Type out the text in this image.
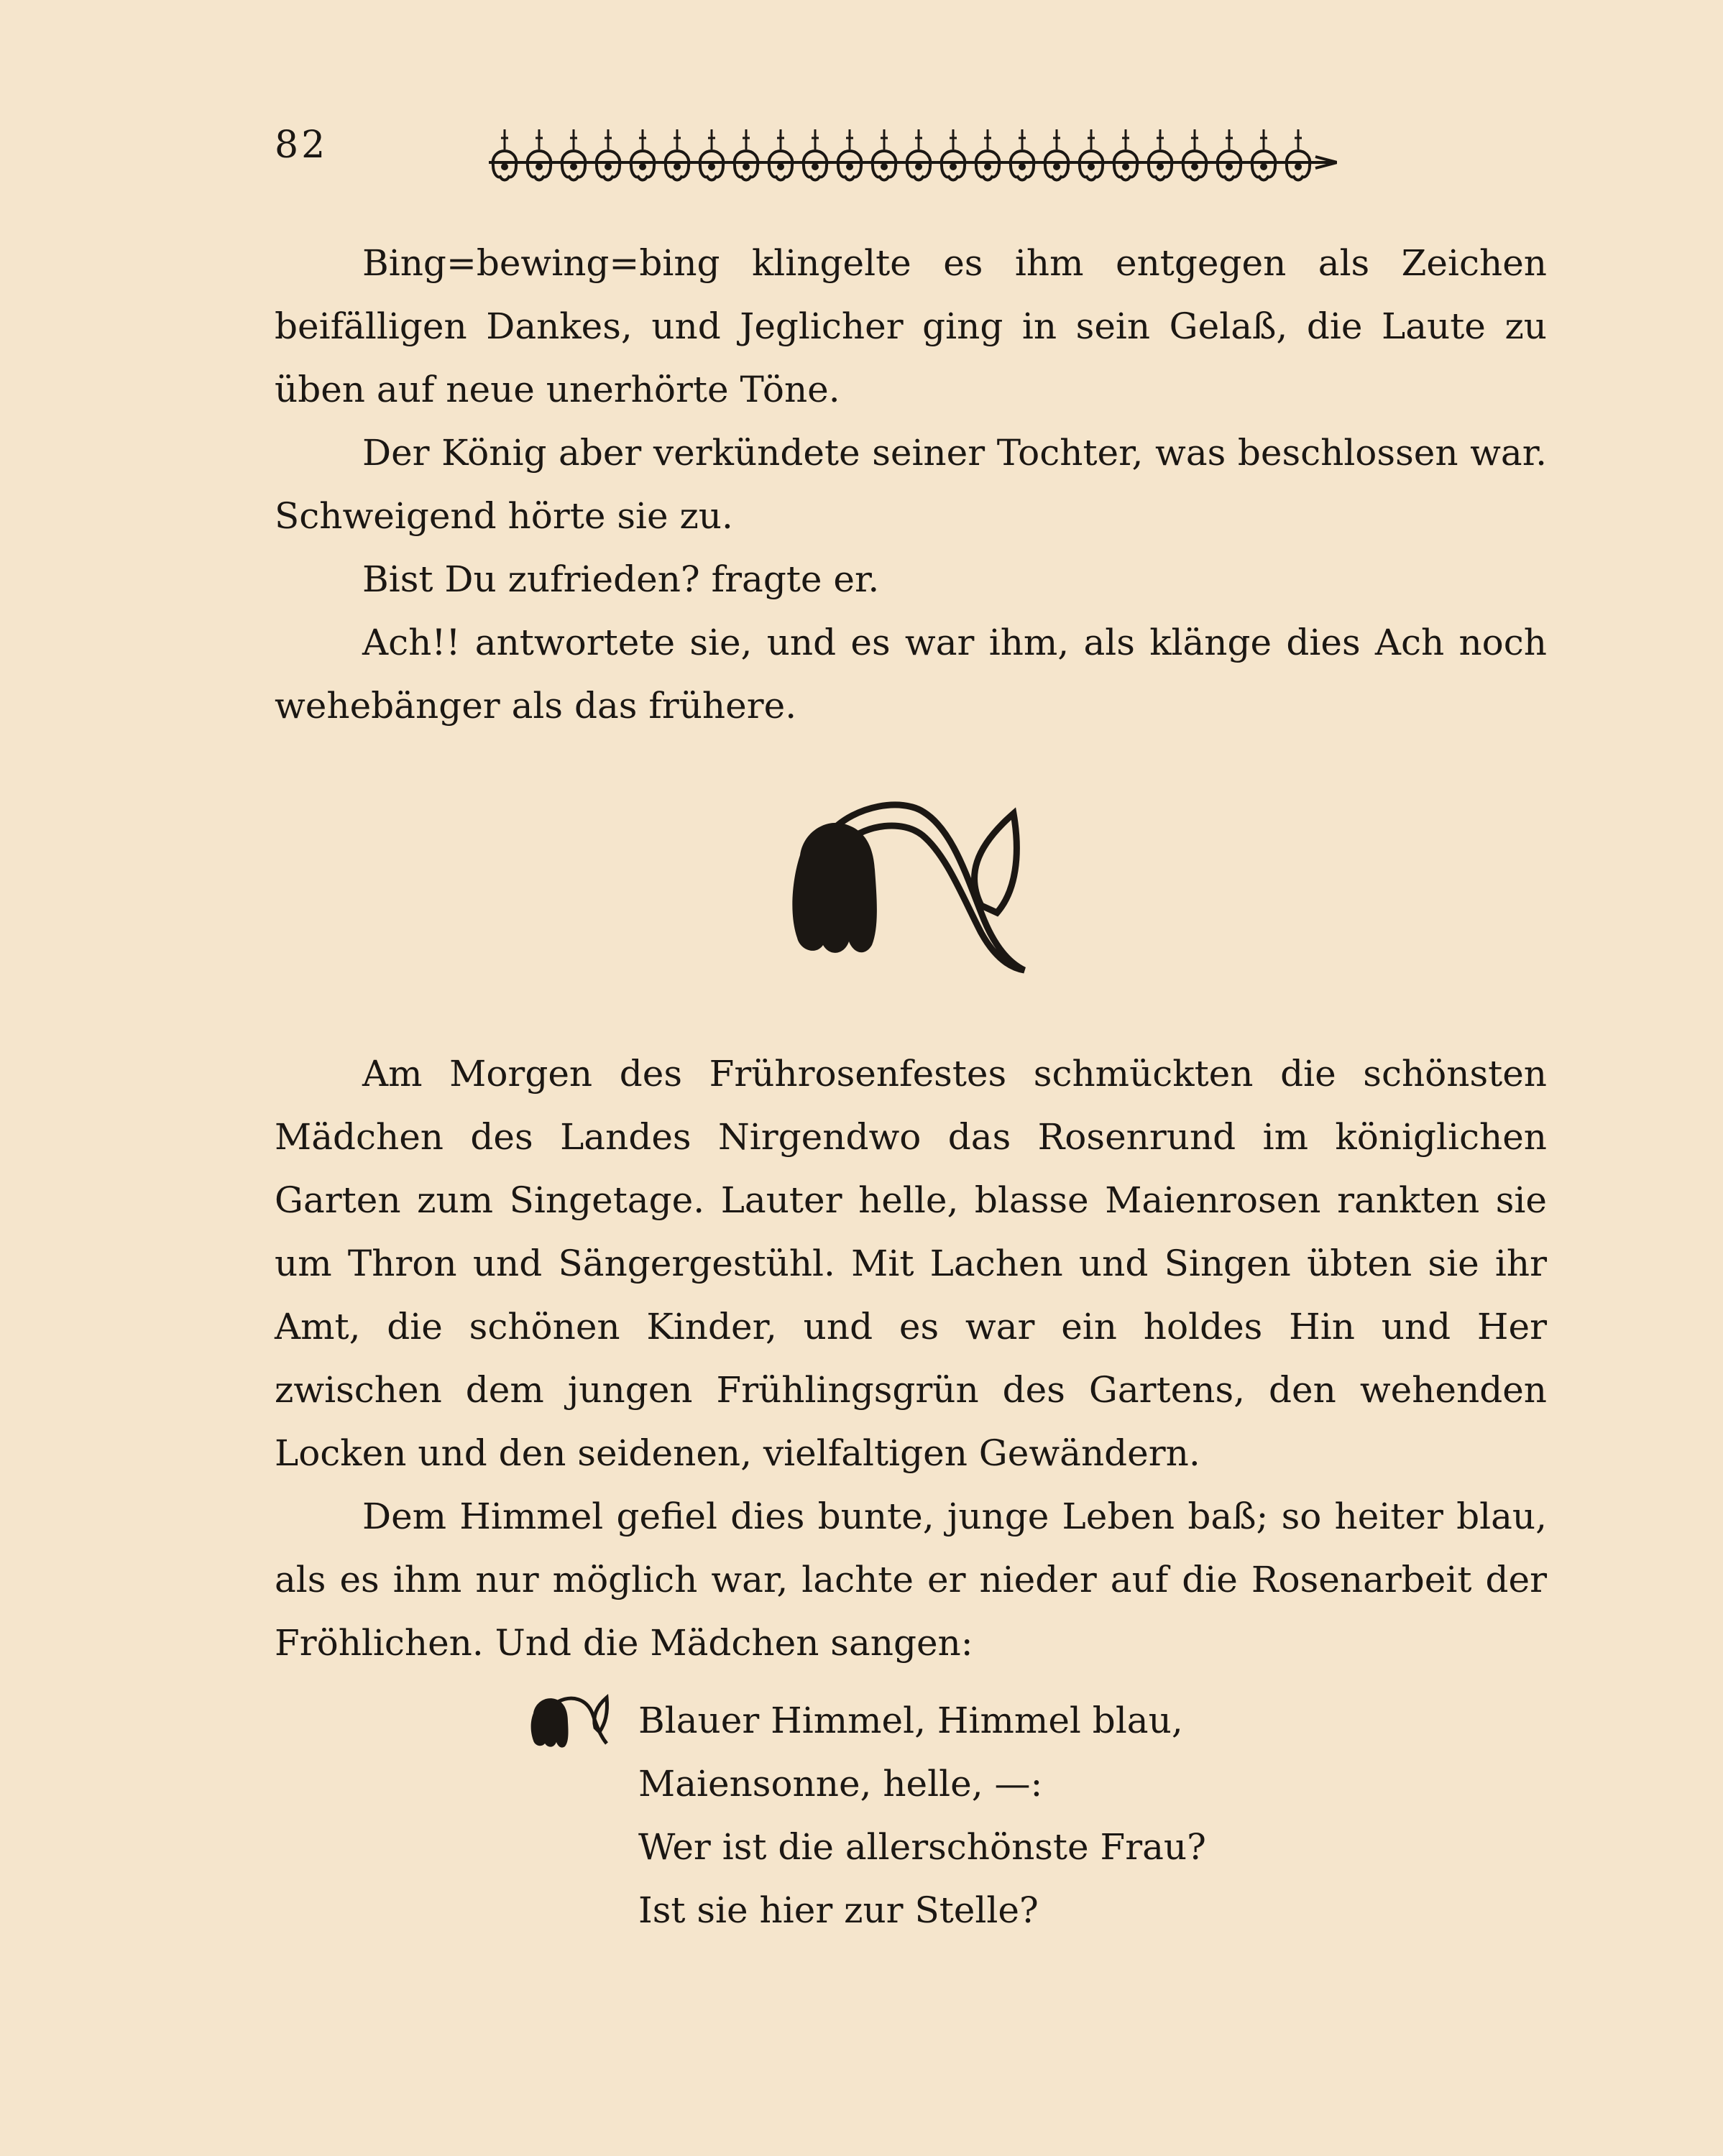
82

Bing=bewing=bing klingelte es ihm entgegen als Zeichen beifälligen Dankes, und Jeglicher ging in sein Gelaß, die Laute zu üben auf neue unerhörte Töne.

Der König aber verkündete seiner Tochter, was beschlossen war. Schweigend hörte sie zu.

Bist Du zufrieden? fragte er.

Ach!! antwortete sie, und es war ihm, als klänge dies Ach noch wehebänger als das frühere.

Am Morgen des Frührosenfestes schmückten die schönsten Mädchen des Landes Nirgendwo das Rosenrund im königlichen Garten zum Singetage. Lauter helle, blasse Maienrosen rankten sie um Thron und Sängergestühl. Mit Lachen und Singen übten sie ihr Amt, die schönen Kinder, und es war ein holdes Hin und Her zwischen dem jungen Frühlingsgrün des Gartens, den wehenden Locken und den seidenen, vielfaltigen Gewändern.

Dem Himmel gefiel dies bunte, junge Leben baß; so heiter blau, als es ihm nur möglich war, lachte er nieder auf die Rosenarbeit der Fröhlichen. Und die Mädchen sangen:

Blauer Himmel, Himmel blau,
Maiensonne, helle, —:
Wer ist die allerschönste Frau?
Ist sie hier zur Stelle?
